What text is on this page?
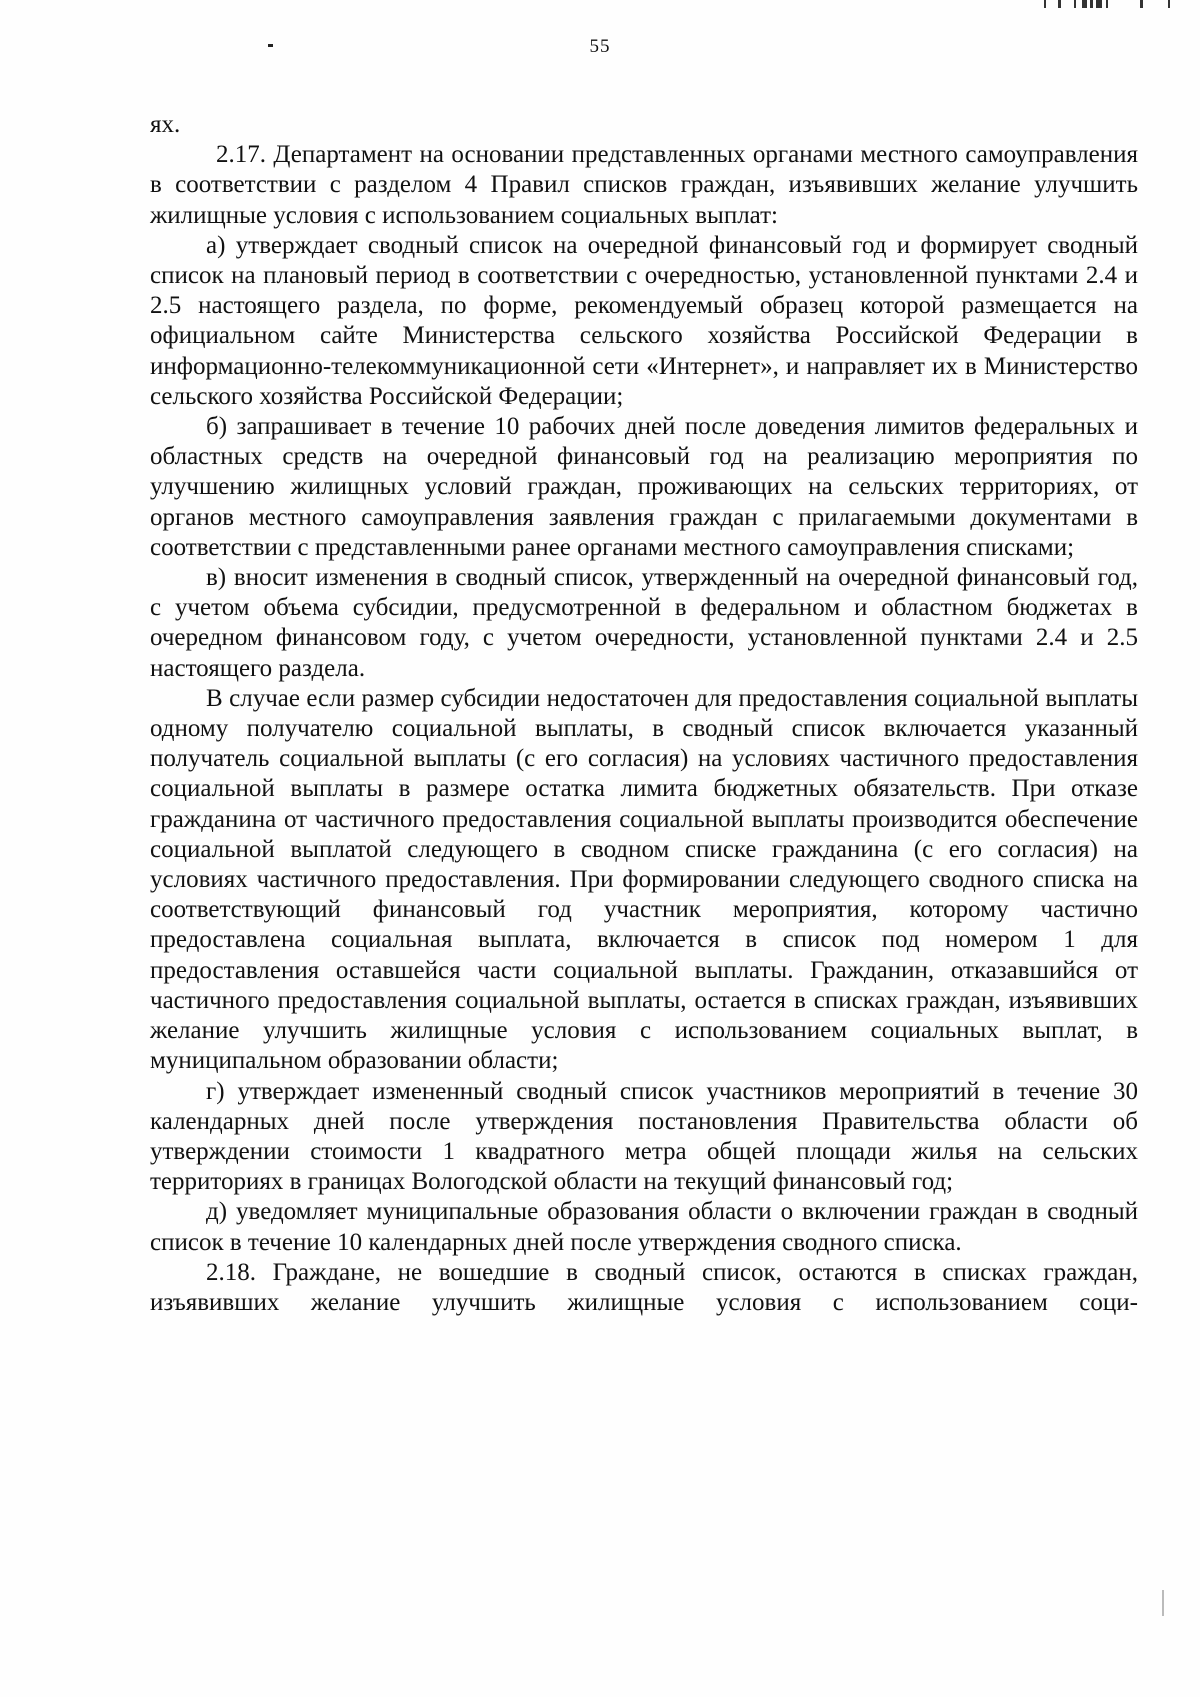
55

ях.

2.17. Департамент на основании представленных органами местного самоуправления в соответствии с разделом 4 Правил списков граждан, изъявивших желание улучшить жилищные условия с использованием социальных выплат:

а) утверждает сводный список на очередной финансовый год и формирует сводный список на плановый период в соответствии с очередностью, установленной пунктами 2.4 и 2.5 настоящего раздела, по форме, рекомендуемый образец которой размещается на официальном сайте Министерства сельского хозяйства Российской Федерации в информационно-телекоммуникационной сети «Интернет», и направляет их в Министерство сельского хозяйства Российской Федерации;

б) запрашивает в течение 10 рабочих дней после доведения лимитов федеральных и областных средств на очередной финансовый год на реализацию мероприятия по улучшению жилищных условий граждан, проживающих на сельских территориях, от органов местного самоуправления заявления граждан с прилагаемыми документами в соответствии с представленными ранее органами местного самоуправления списками;

в) вносит изменения в сводный список, утвержденный на очередной финансовый год, с учетом объема субсидии, предусмотренной в федеральном и областном бюджетах в очередном финансовом году, с учетом очередности, установленной пунктами 2.4 и 2.5 настоящего раздела.

В случае если размер субсидии недостаточен для предоставления социальной выплаты одному получателю социальной выплаты, в сводный список включается указанный получатель социальной выплаты (с его согласия) на условиях частичного предоставления социальной выплаты в размере остатка лимита бюджетных обязательств. При отказе гражданина от частичного предоставления социальной выплаты производится обеспечение социальной выплатой следующего в сводном списке гражданина (с его согласия) на условиях частичного предоставления. При формировании следующего сводного списка на соответствующий финансовый год участник мероприятия, которому частично предоставлена социальная выплата, включается в список под номером 1 для предоставления оставшейся части социальной выплаты. Гражданин, отказавшийся от частичного предоставления социальной выплаты, остается в списках граждан, изъявивших желание улучшить жилищные условия с использованием социальных выплат, в муниципальном образовании области;

г) утверждает измененный сводный список участников мероприятий в течение 30 календарных дней после утверждения постановления Правительства области об утверждении стоимости 1 квадратного метра общей площади жилья на сельских территориях в границах Вологодской области на текущий финансовый год;

д) уведомляет муниципальные образования области о включении граждан в сводный список в течение 10 календарных дней после утверждения сводного списка.

2.18. Граждане, не вошедшие в сводный список, остаются в списках граждан, изъявивших желание улучшить жилищные условия с использованием соци-
